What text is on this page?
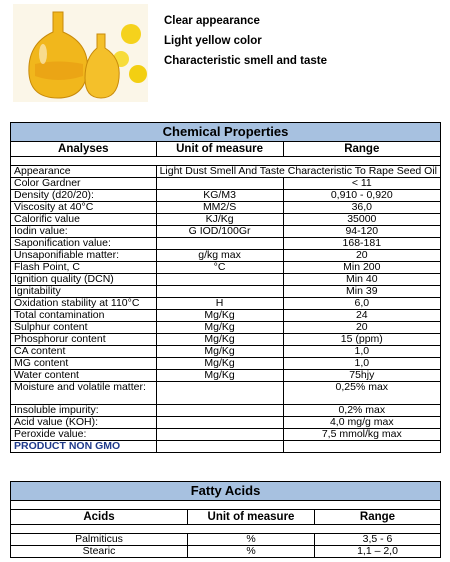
Clear appearance
Light yellow color
Characteristic smell and taste
Chemical Properties		
Analyses	Unit of measure	Range

Appearance	Light Dust Smell And Taste Characteristic To Rape Seed Oil	
Color Gardner		< 11
Density (d20/20):	KG/M3	0,910 - 0,920
Viscosity at 40°C	MM2/S	36,0
Calorific value	KJ/Kg	35000
Iodin value:	G IOD/100Gr	94-120
Saponification value:		168-181
Unsaponifiable matter:	g/kg max	20
Flash Point, C	°C	Min 200
Ignition quality (DCN)		Min 40
Ignitability		Min 39
Oxidation stability at 110°C	H	6,0
Total contamination	Mg/Kg	24
Sulphur content	Mg/Kg	20
Phosphorur content	Mg/Kg	15 (ppm)
CA content	Mg/Kg	1,0
MG content	Mg/Kg	1,0
Water content	Mg/Kg	75hjy
Moisture and volatile matter:		0,25% max
Insoluble impurity:		0,2% max
Acid value (KOH):		4,0 mg/g max
Peroxide value:		7,5 mmol/kg max
PRODUCT NON GMO		
Fatty Acids		

Acids	Unit of measure	Range

Palmiticus	%	3,5 - 6
Stearic	%	1,1 – 2,0
